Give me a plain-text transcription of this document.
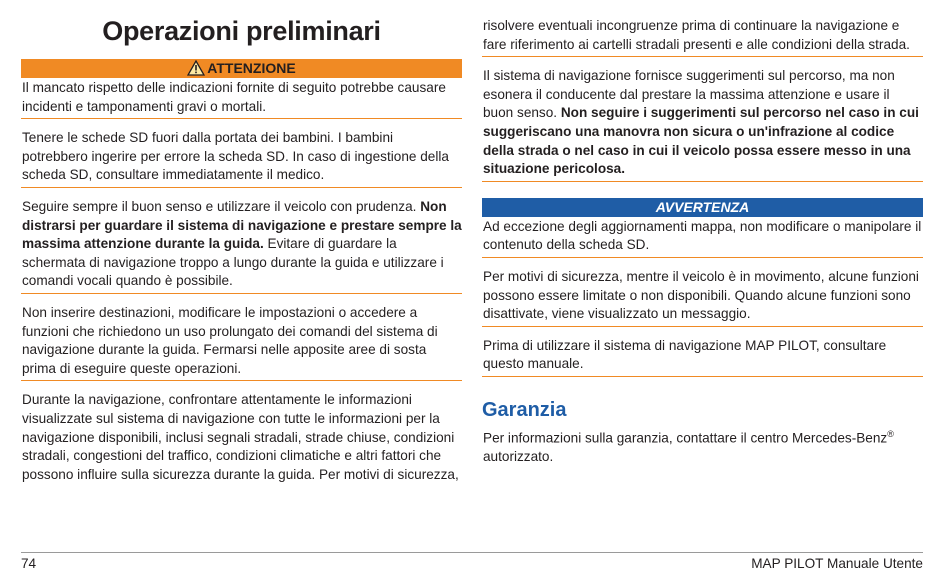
Operazioni preliminari
ATTENZIONE

Il mancato rispetto delle indicazioni fornite di seguito potrebbe causare incidenti e tamponamenti gravi o mortali.

Tenere le schede SD fuori dalla portata dei bambini. I bambini potrebbero ingerire per errore la scheda SD. In caso di ingestione della scheda SD, consultare immediatamente il medico.

Seguire sempre il buon senso e utilizzare il veicolo con prudenza. Non distrarsi per guardare il sistema di navigazione e prestare sempre la massima attenzione durante la guida. Evitare di guardare la schermata di navigazione troppo a lungo durante la guida e utilizzare i comandi vocali quando è possibile.

Non inserire destinazioni, modificare le impostazioni o accedere a funzioni che richiedono un uso prolungato dei comandi del sistema di navigazione durante la guida. Fermarsi nelle apposite aree di sosta prima di eseguire queste operazioni.

Durante la navigazione, confrontare attentamente le informazioni visualizzate sul sistema di navigazione con tutte le informazioni per la navigazione disponibili, inclusi segnali stradali, strade chiuse, condizioni stradali, congestioni del traffico, condizioni climatiche e altri fattori che possono influire sulla sicurezza durante la guida. Per motivi di sicurezza,

risolvere eventuali incongruenze prima di continuare la navigazione e fare riferimento ai cartelli stradali presenti e alle condizioni della strada.

Il sistema di navigazione fornisce suggerimenti sul percorso, ma non esonera il conducente dal prestare la massima attenzione e usare il buon senso. Non seguire i suggerimenti sul percorso nel caso in cui suggeriscano una manovra non sicura o un'infrazione al codice della strada o nel caso in cui il veicolo possa essere messo in una situazione pericolosa.

AVVERTENZA

Ad eccezione degli aggiornamenti mappa, non modificare o manipolare il contenuto della scheda SD.

Per motivi di sicurezza, mentre il veicolo è in movimento, alcune funzioni possono essere limitate o non disponibili. Quando alcune funzioni sono disattivate, viene visualizzato un messaggio.

Prima di utilizzare il sistema di navigazione MAP PILOT, consultare questo manuale.

Garanzia

Per informazioni sulla garanzia, contattare il centro Mercedes-Benz® autorizzato.

74	MAP PILOT Manuale Utente
